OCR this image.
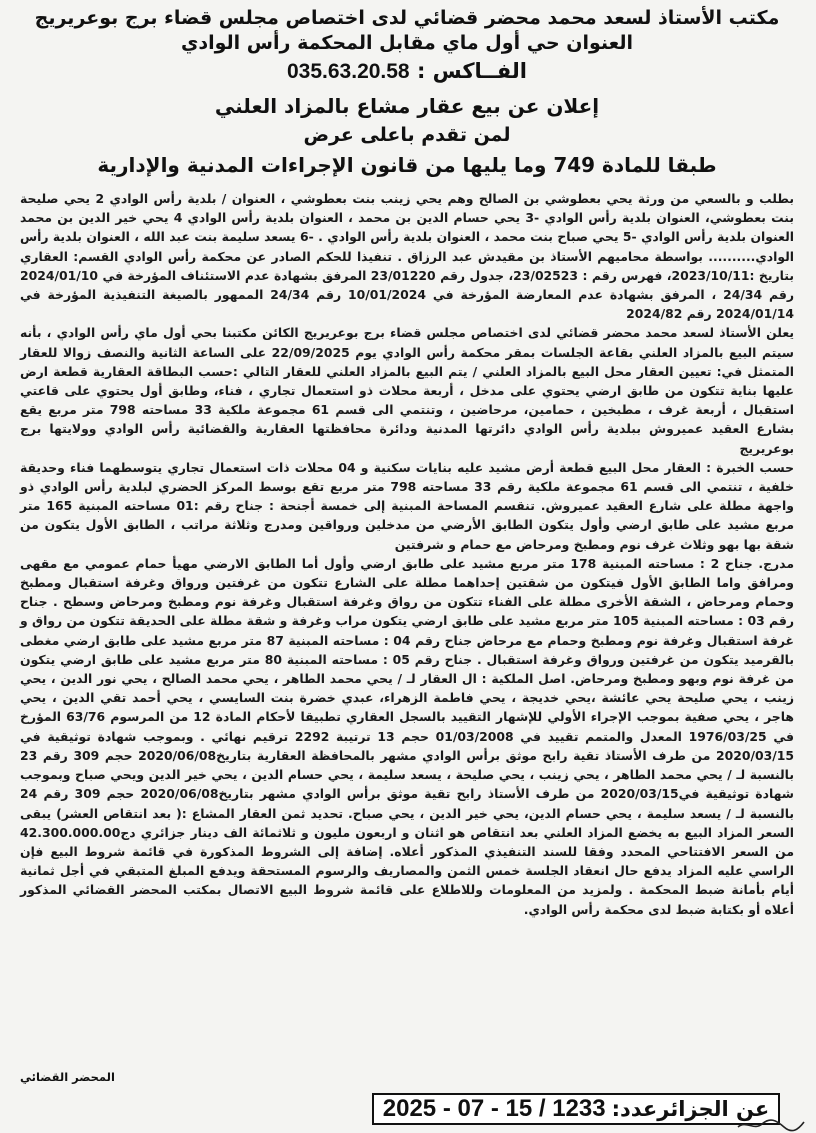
مكتب الأستاذ لسعد محمد محضر قضائي لدى اختصاص مجلس قضاء برج بوعريريج
العنوان حي أول ماي مقابل المحكمة رأس الوادي
الفــاكس : 035.63.20.58
إعلان عن بيع عقار مشاع بالمزاد العلني
لمن تقدم باعلى عرض
طبقا للمادة 749 وما يليها من قانون الإجراءات المدنية والإدارية

بطلب و بالسعي من ورثة يحي بعطوشي بن الصالح وهم يحي زينب بنت بعطوشي ، العنوان / بلدية رأس الوادي 2 يحي صليحة بنت بعطوشي، العنوان بلدية رأس الوادي -3 يحي حسام الدين بن محمد ، العنوان بلدية رأس الوادي 4 يحي خير الدين بن محمد العنوان بلدية رأس الوادي -5 يحي صباح بنت محمد ، العنوان بلدية رأس الوادي . -6 يسعد سليمة بنت عبد الله ، العنوان بلدية رأس الوادي.......... بواسطة محاميهم الأستاذ بن مقيدش عبد الرزاق . تنفيذا للحكم الصادر عن محكمة رأس الوادي القسم: العقاري بتاريخ :2023/10/11، فهرس رقم : 23/02523، جدول رقم 23/01220 المرفق بشهادة عدم الاستئناف المؤرخة في 2024/01/10 رقم 24/34 ، المرفق بشهادة عدم المعارضة المؤرخة في 10/01/2024 رقم 24/34 الممهور بالصيغة التنفيذية المؤرخة في 2024/01/14 رقم 2024/82

يعلن الأستاذ لسعد محمد محضر قضائي لدى اختصاص مجلس قضاء برج بوعريريج الكائن مكتبنا بحي أول ماي رأس الوادي ، بأنه سيتم البيع بالمزاد العلني بقاعة الجلسات بمقر محكمة رأس الوادي يوم 22/09/2025 على الساعة الثانية والنصف زوالا للعقار المتمثل في: تعيين العقار محل البيع بالمزاد العلني / يتم البيع بالمزاد العلني للعقار التالي :حسب البطاقة العقارية قطعة ارض عليها بناية تتكون من طابق ارضي يحتوي على مدخل ، أربعة محلات ذو استعمال تجاري ، فناء، وطابق أول يحتوي على قاعتي استقبال ، أربعة غرف ، مطبخين ، حمامين، مرحاضين ، وتنتمي الى قسم 61 مجموعة ملكية 33 مساحته 798 متر مربع يقع بشارع العقيد عميروش ببلدية رأس الوادي دائرتها المدنية ودائرة محافظتها العقارية والقضائية رأس الوادي وولايتها برج بوعريريج

حسب الخبرة : العقار محل البيع قطعة أرض مشيد عليه بنايات سكنية و 04 محلات ذات استعمال تجاري يتوسطهما فناء وحديقة خلفية ، تنتمي الى قسم 61 مجموعة ملكية رقم 33 مساحته 798 متر مربع تقع بوسط المركز الحضري لبلدية رأس الوادي ذو واجهة مطلة على شارع العقيد عميروش. تنقسم المساحة المبنية إلى خمسة أجنحة : جناح رقم :01 مساحته المبنية 165 متر مربع مشيد على طابق ارضي وأول يتكون الطابق الأرضي من مدخلين ورواقين ومدرج وثلاثة مراتب ، الطابق الأول يتكون من شقة بها بهو وثلاث غرف نوم ومطبخ ومرحاض مع حمام و شرفتين

مدرج. جناح 2 : مساحته المبنية 178 متر مربع مشيد على طابق ارضي وأول أما الطابق الارضي مهيأ حمام عمومي مع مقهى ومرافق واما الطابق الأول فيتكون من شقتين إحداهما مطلة على الشارع تتكون من غرفتين ورواق وغرفة استقبال ومطبخ وحمام ومرحاض ، الشقة الأخرى مطلة على الفناء تتكون من رواق وغرفة استقبال وغرفة نوم ومطبخ ومرحاض وسطح . جناح رقم 03 : مساحته المبنية 105 متر مربع مشيد على طابق ارضي يتكون مراب وغرفة و شقة مطلة على الحديقة تتكون من رواق و غرفة استقبال وغرفة نوم ومطبخ وحمام مع مرحاض جناح رقم 04 : مساحته المبنية 87 متر مربع مشيد على طابق ارضي مغطى بالقرميد يتكون من غرفتين ورواق وغرفة استقبال . جناح رقم 05 : مساحته المبنية 80 متر مربع مشيد على طابق ارضي يتكون من غرفة نوم وبهو ومطبخ ومرحاض. اصل الملكية : ال العقار لـ / يحي محمد الطاهر ، يحي محمد الصالح ، يحي نور الدين ، يحي زينب ، يحي صليحة يحي عائشة ،يحي خديجة ، يحي فاطمة الزهراء، عبدي خضرة بنت السايسي ، يحي أحمد تقي الدين ، يحي هاجر ، يحي صفية بموجب الإجراء الأولي للإشهار التقييد بالسجل العقاري تطبيقا لأحكام المادة 12 من المرسوم 63/76 المؤرخ في 1976/03/25 المعدل والمتمم تقييد في 01/03/2008 حجم 13 ترتيبة 2292 ترقيم نهائي . وبموجب شهادة توثيقية في 2020/03/15 من طرف الأستاذ تقية رابح موثق برأس الوادي مشهر بالمحافظة العقارية بتاريخ2020/06/08 حجم 309 رقم 23 بالنسبة لـ / يحي محمد الطاهر ، يحي زينب ، يحي صليحة ، يسعد سليمة ، يحي حسام الدين ، يحي خير الدين ويحي صباح وبموجب شهادة توثيقية في2020/03/15 من طرف الأستاذ رابح تقية موثق برأس الوادي مشهر بتاريخ2020/06/08 حجم 309 رقم 24 بالنسبة لـ / يسعد سليمة ، يحي حسام الدين، يحي خير الدين ، يحي صباح. تحديد ثمن العقار المشاع :( بعد انتقاص العشر) يبقى السعر المزاد البيع به يخضع المزاد العلني بعد انتقاص هو اثنان و اربعون مليون و ثلاثمائة الف دينار جزائري دج42.300.000.00 من السعر الافتتاحي المحدد وفقا للسند التنفيذي المذكور أعلاه. إضافة إلى الشروط المذكورة في قائمة شروط البيع فإن الراسي عليه المزاد يدفع حال انعقاد الجلسة خمس الثمن والمصاريف والرسوم المستحقة ويدفع المبلغ المتبقي في أجل ثمانية أيام بأمانة ضبط المحكمة . ولمزيد من المعلومات وللاطلاع على قائمة شروط البيع الاتصال بمكتب المحضر القضائي المذكور أعلاه أو بكتابة ضبط لدى محكمة رأس الوادي.

المحضر القضائي
عن الجزائرعدد:
2025 - 07 - 15 / 1233
